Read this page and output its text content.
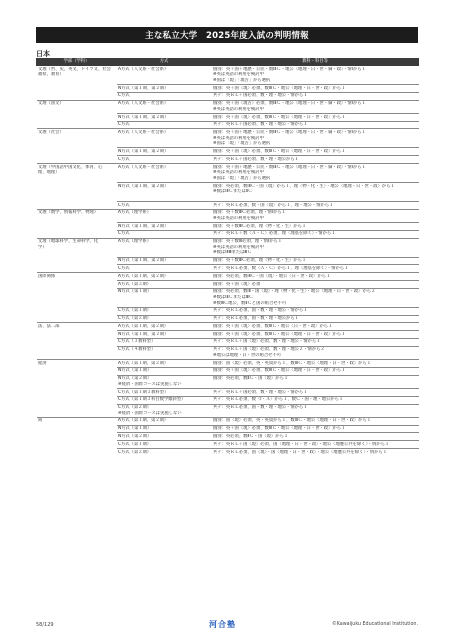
主な私立大学　2025年度入試の判明情報
日本
学部（学科）	方式	教科・科目等

文理（哲、史、英文、ドイツ文、社会
福祉、教育）	A方式（人文系・社会系）	個別：英＋国＋地歴・公民・数ⅠⅡＣ・地公〈地理・日・世・倫・政〉・情Ⅰから１
※英は英語の利用を検討中
※国は「現」「現古」から選択

	N方式（第１期、第２期）	個別：英＋国〈現〉必須、数ⅠⅡＣ・地公〈地理・日・世・政〉から１

	C方式	共テ：英ＲＬ＋国必須、数・理・地公・情から１

文理（国文）	A方式（人文系・社会系）	個別：英＋国〈現古〉必須、数ⅠⅡＣ・地公〈地理・日・世・倫・政〉・情Ⅰから１
※英は英語の利用を検討中

	N方式（第１期、第２期）	個別：英＋国〈現〉必須、数ⅠⅡＣ・地公〈地理・日・世・政〉から１

	C方式	共テ：英ＲＬ＋国必須、数・理・地公・情から１

文理（社会）	A方式（人文系・社会系）	個別：英＋国＋地歴・公民・数ⅠⅡＣ・地公〈地理・日・世・倫・政〉・情Ⅰから１
※英は英語の利用を検討中
※国は「現」「現古」から選択

	N方式（第１期、第２期）	個別：英＋国〈現〉必須、数ⅠⅡＣ・地公〈地理・日・世・政〉から１

	C方式	共テ：英ＲＬ＋国必須、数・理・地公から１

文理（中国語中国文化、体育、心
理、地理）	A方式（人文系・社会系）	個別：英＋国＋地歴・公民・数ⅠⅡＣ・地公〈地理・日・世・倫・政〉・情Ⅰから１
※英は英語の利用を検討中
※国は「現」「現古」から選択

	N方式（第１期、第２期）	個別：英必須、数ⅠⅡＣ・国〈現〉から１、理〈物・化・生〉・地公〈地理・日・世・政〉から１
※数はⅠⅡＣまたはⅡＣ

	C方式	共テ：英ＲＬ必須、数・国〈現〉から１、理・地公・情から１

文理（数学、情報科学、物理）	A方式（理学系）	個別：英＋数ⅢＣ必須、理・情Ⅰから１
※英は英語の利用を検討中

	N方式（第１期、第２期）	個別：英＋数ⅢＣ必須、理〈物・化・生〉から１

	C方式	共テ：英ＲＬ＋数〈Ａ・Ｃ〉必須、理〈理基を除く〉・情から１

文理（地球科学、生命科学、化
学）	A方式（理学系）	個別：英＋数ⅠⅡ必須、理・情Ⅰから１
※英は英語の利用を検討中
※数はⅠⅡⅢまたはⅢＣ

	N方式（第１期、第２期）	個別：英＋数ⅢＣ必須、理〈物・化・生〉から１

	C方式	共テ：英ＲＬ必須、数〈Ａ・Ｃ〉から１、理〈理基を除く〉・情から１

国際関係	A方式（第１期、第２期）	個別：英必須、数ⅠⅡＣ・国〈現〉・地公〈日・世・政〉から１

	A方式（第３期）	個別：英＋国〈現〉必須

	N方式（第１期）	個別：英必須、数ⅠⅡ・国〈現〉・理〈物・化・生〉・地公〈地理・日・世・政〉から２
※数はⅠⅡＣまたはⅢＣ
※数ⅢＣ地公、数ⅡＣと国の組合せ不可

	C方式（第１期）	共テ：英ＲＬ必須、国・数・理・地公・情から１

	C方式（第２期）	共テ：英ＲＬ必須、国・数・理・地公から１

法、法二部	A方式（第１期、第２期）	個別：英＋国〈現〉必須、数ⅠⅡＣ・地公〈日・世・政〉から１

	N方式（第１期、第２期）	個別：英＋国〈現〉必須、数ⅠⅡＣ・地公〈地理・日・世・政〉から１

	C方式（３教科型）	共テ：英ＲＬ＋国〈現〉必須、数・理・地公・情から１

	C方式（４教科型）	共テ：英ＲＬ＋国〈現〉必須、数・理・地公２・情から２
※地公は地理・日・世の組合せ不可

経済	A方式（第１期、第２期）	個別：国〈現〉必須、英・英資から１、数ⅠⅡＣ・地公〈地理・日・世・政〉から１

	N方式（第１期）	個別：英＋国〈現〉必須、数ⅠⅡＣ・地公〈地理・日・世・政〉から１

	N方式（第２期）
※経済・国際コースは実施しない	個別：英必須、数ⅡＣ・国〈現〉から１

	C方式（第１期３教科型）	共テ：英ＲＬ＋国必須、数・理・地公・情から１

	C方式（第１期３科目数学傾斜型）	共テ：英ＲＬ必須、数〈Ⅰ・Ａ〉から１、数Ｃ・国・理・地公から１

	C方式（第２期）
※経済・国際コースは実施しない	共テ：英ＲＬ必須、国・数・理・地公・情から１

商	A方式（第１期、第２期）	個別：国〈現〉必須、英・英資から１、数ⅠⅡＣ・地公〈地理・日・世・政〉から１

	N方式（第１期）	個別：英＋国〈現〉必須、数ⅠⅡＣ・地公〈地理・日・世・政〉から１

	N方式（第２期）	個別：英必須、数ⅡＣ・国〈現〉から１

	C方式（第１期）	共テ：英ＲＬ＋国〈現〉必須、国〈地理・日・世・政〉・地公〈地歴公共を除く〉・情から１

	C方式（第２期）	共テ：英ＲＬ必須、国〈現〉・国〈地理・日・世・政〉・地公〈地歴公共を除く〉・情から１
58/129	河合塾	©Kawaijuku Educational Institution.
